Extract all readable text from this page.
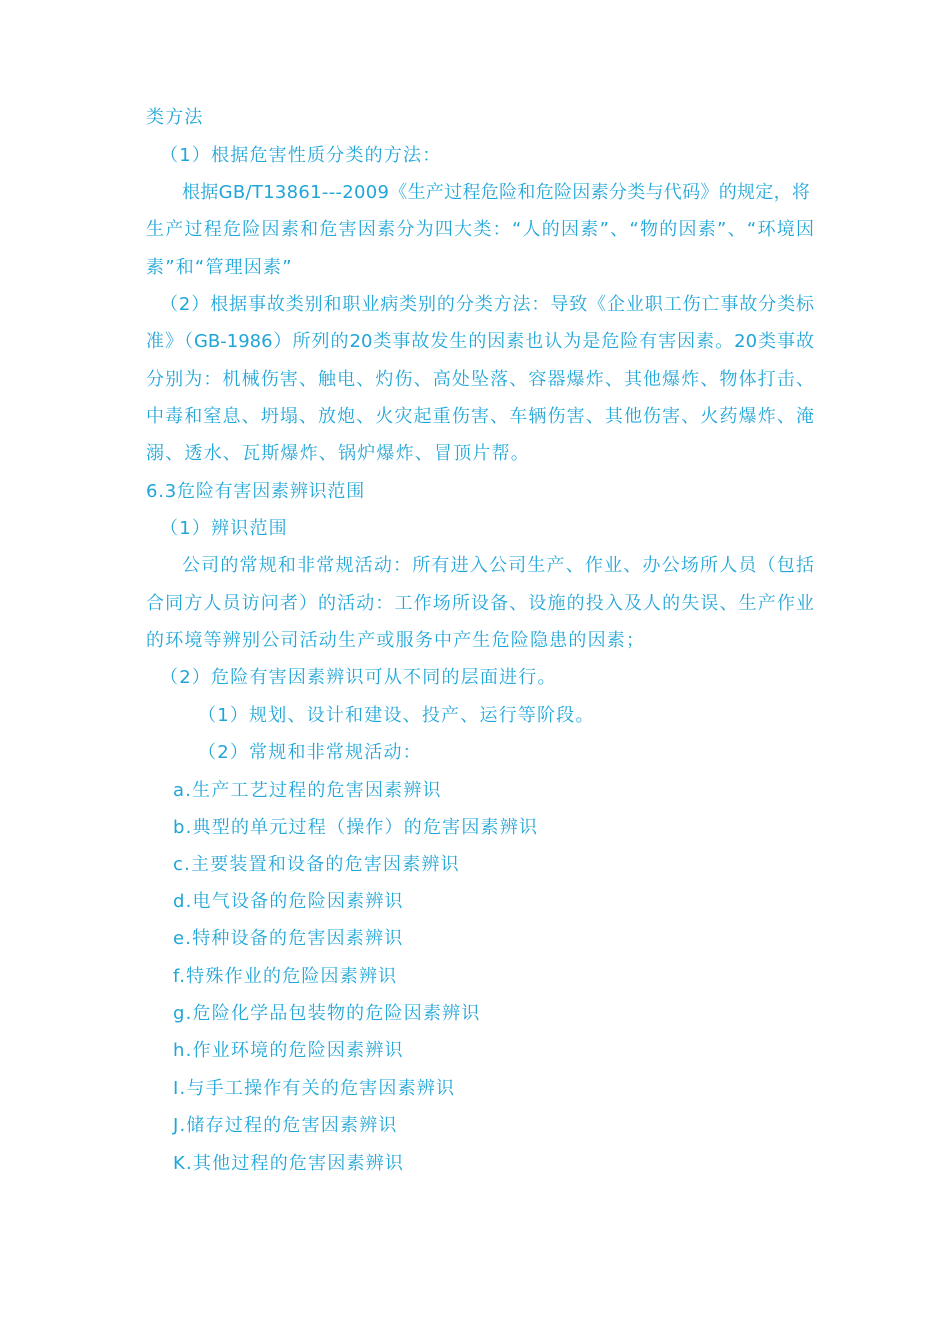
类方法
（1）根据危害性质分类的方法：
根据GB/T13861---2009《生产过程危险和危险因素分类与代码》的规定，将
生产过程危险因素和危害因素分为四大类：“人的因素”、“物的因素”、“环境因
素”和“管理因素”
（2）根据事故类别和职业病类别的分类方法：导致《企业职工伤亡事故分类标
准》（GB-1986）所列的20类事故发生的因素也认为是危险有害因素。20类事故
分别为：机械伤害、触电、灼伤、高处坠落、容器爆炸、其他爆炸、物体打击、
中毒和窒息、坍塌、放炮、火灾起重伤害、车辆伤害、其他伤害、火药爆炸、淹
溺、透水、瓦斯爆炸、锅炉爆炸、冒顶片帮。
6.3危险有害因素辨识范围
（1）辨识范围
公司的常规和非常规活动：所有进入公司生产、作业、办公场所人员（包括
合同方人员访问者）的活动：工作场所设备、设施的投入及人的失误、生产作业
的环境等辨别公司活动生产或服务中产生危险隐患的因素；
（2）危险有害因素辨识可从不同的层面进行。
（1）规划、设计和建设、投产、运行等阶段。
（2）常规和非常规活动：
a.生产工艺过程的危害因素辨识
b.典型的单元过程（操作）的危害因素辨识
c.主要装置和设备的危害因素辨识
d.电气设备的危险因素辨识
e.特种设备的危害因素辨识
f.特殊作业的危险因素辨识
g.危险化学品包装物的危险因素辨识
h.作业环境的危险因素辨识
I.与手工操作有关的危害因素辨识
J.储存过程的危害因素辨识
K.其他过程的危害因素辨识
